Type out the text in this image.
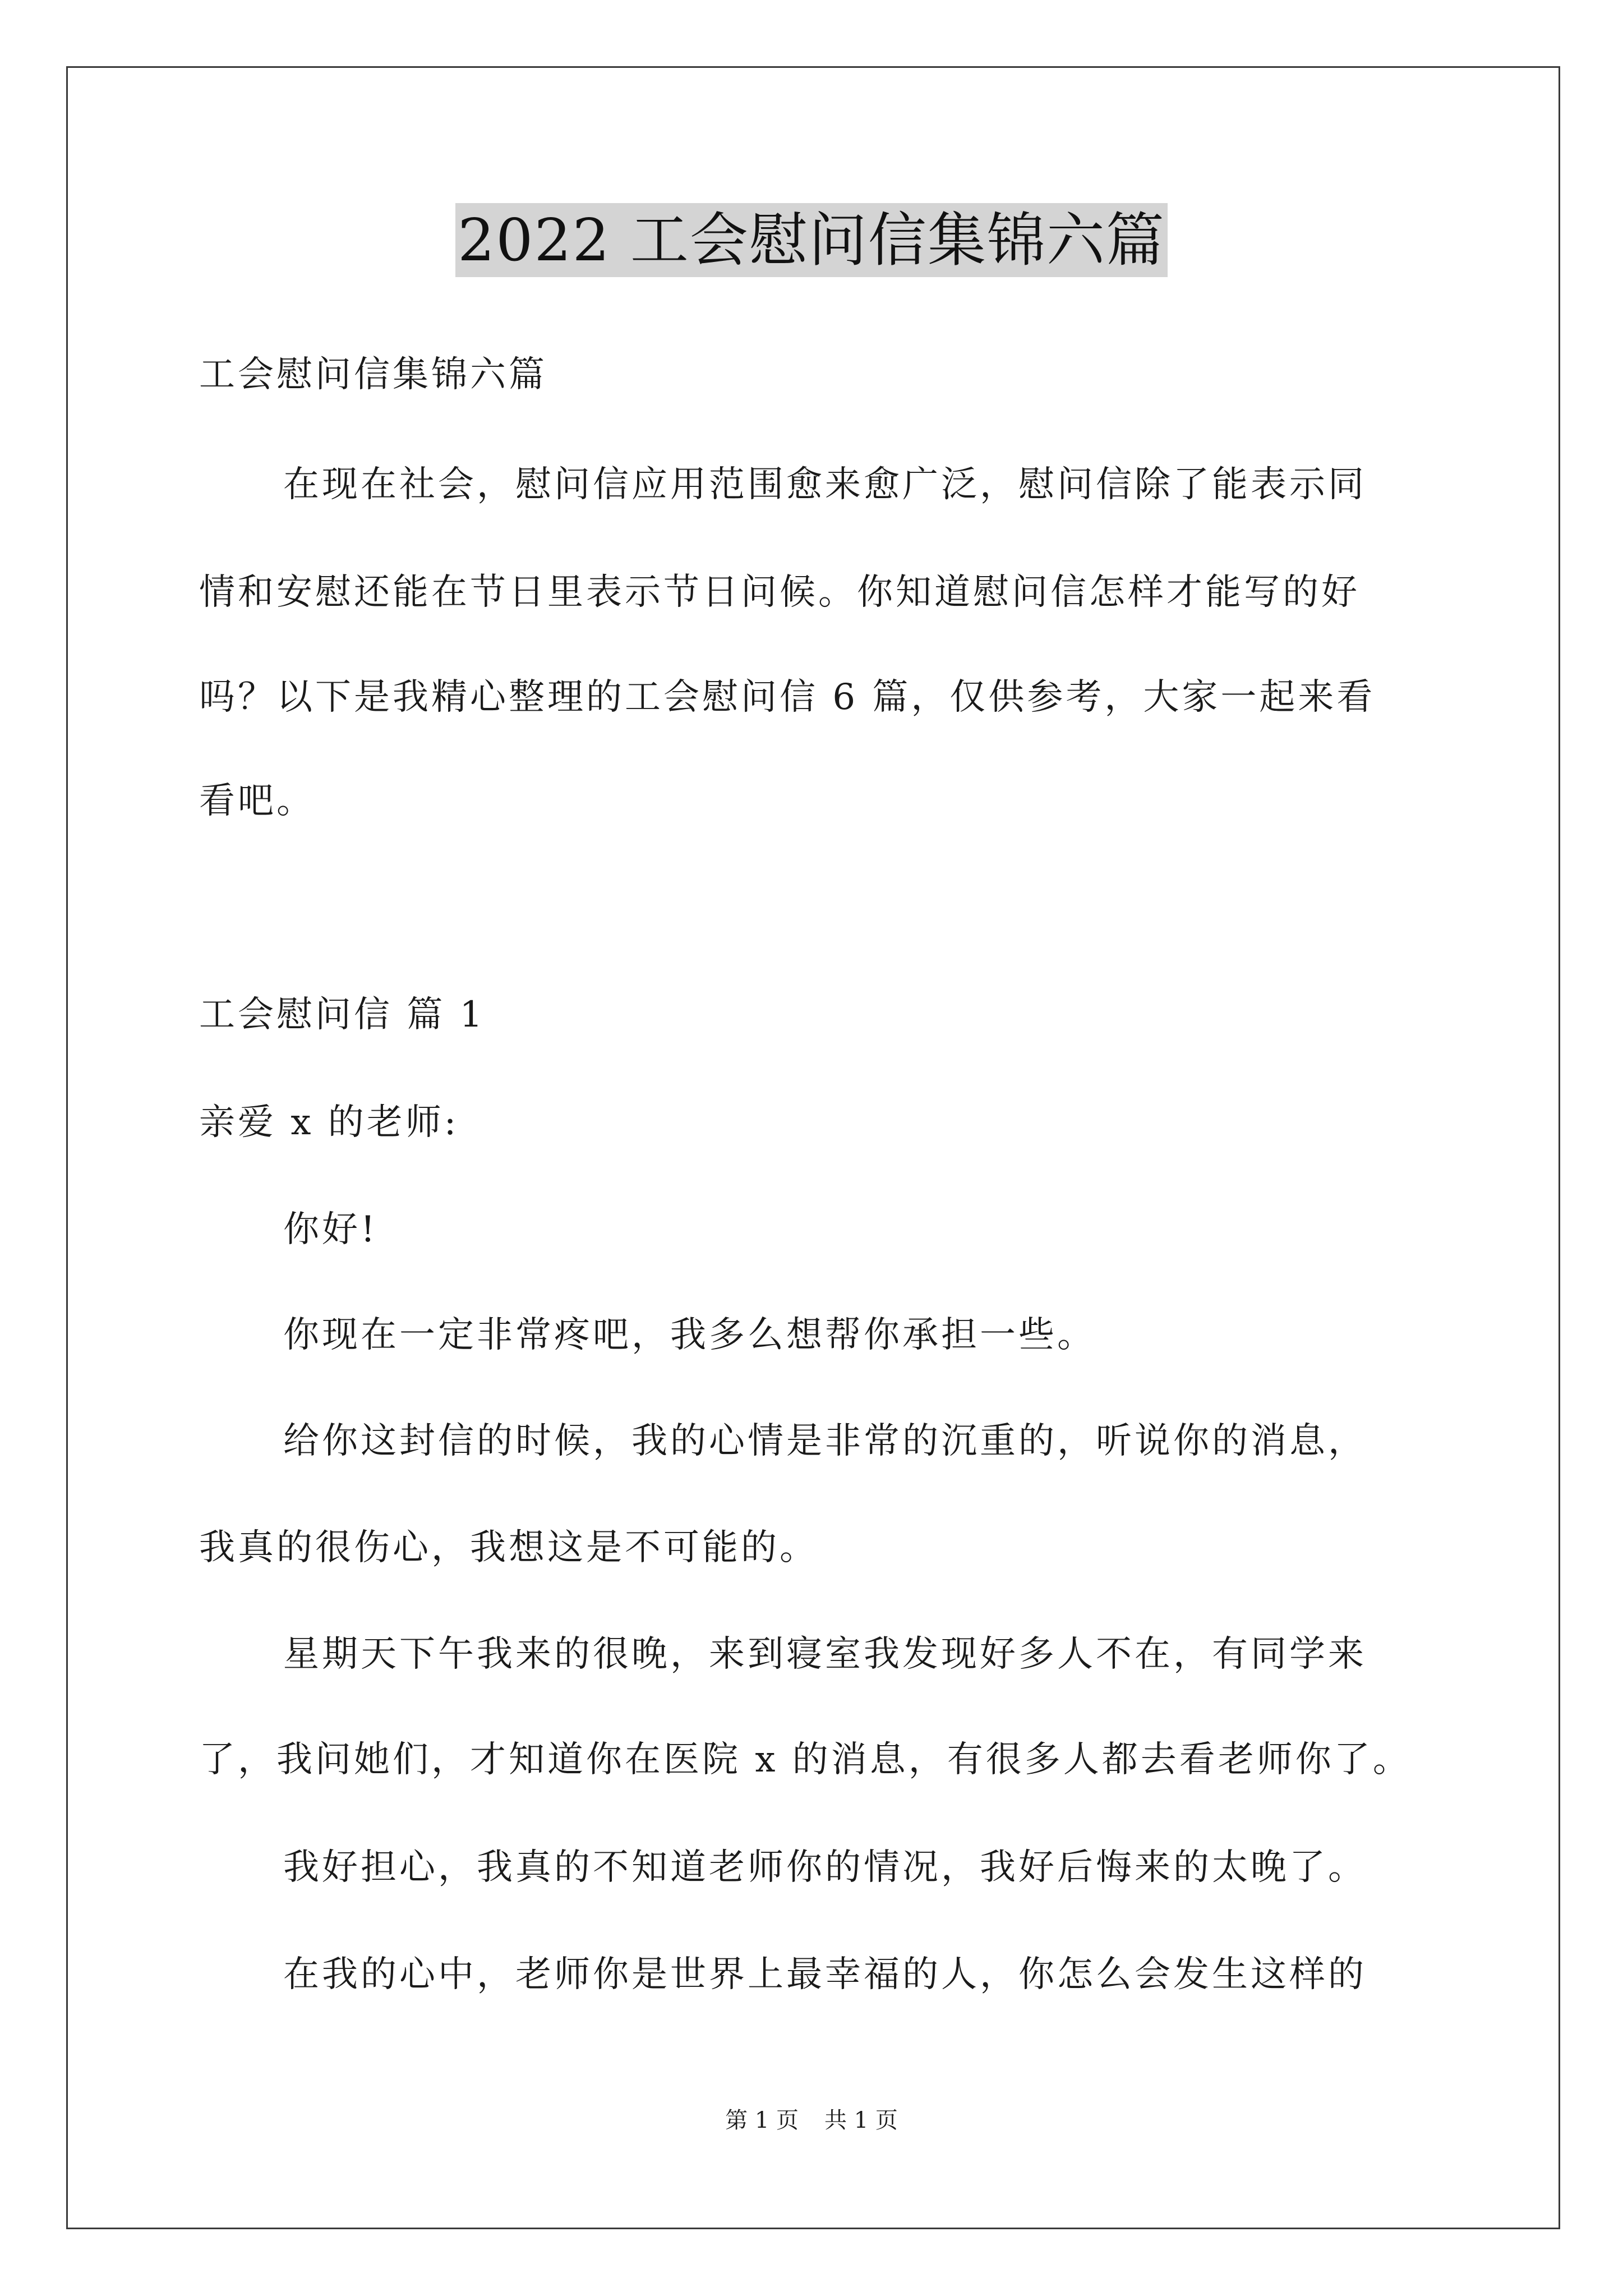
2022 工会慰问信集锦六篇
工会慰问信集锦六篇
在现在社会，慰问信应用范围愈来愈广泛，慰问信除了能表示同
情和安慰还能在节日里表示节日问候。你知道慰问信怎样才能写的好
吗？以下是我精心整理的工会慰问信 6 篇，仅供参考，大家一起来看
看吧。
工会慰问信 篇 1
亲爱 x 的老师:
你好!
你现在一定非常疼吧，我多么想帮你承担一些。
给你这封信的时候，我的心情是非常的沉重的，听说你的消息，
我真的很伤心，我想这是不可能的。
星期天下午我来的很晚，来到寝室我发现好多人不在，有同学来
了，我问她们，才知道你在医院 x 的消息，有很多人都去看老师你了。
我好担心，我真的不知道老师你的情况，我好后悔来的太晚了。
在我的心中，老师你是世界上最幸福的人，你怎么会发生这样的
第 1 页 共 1 页
